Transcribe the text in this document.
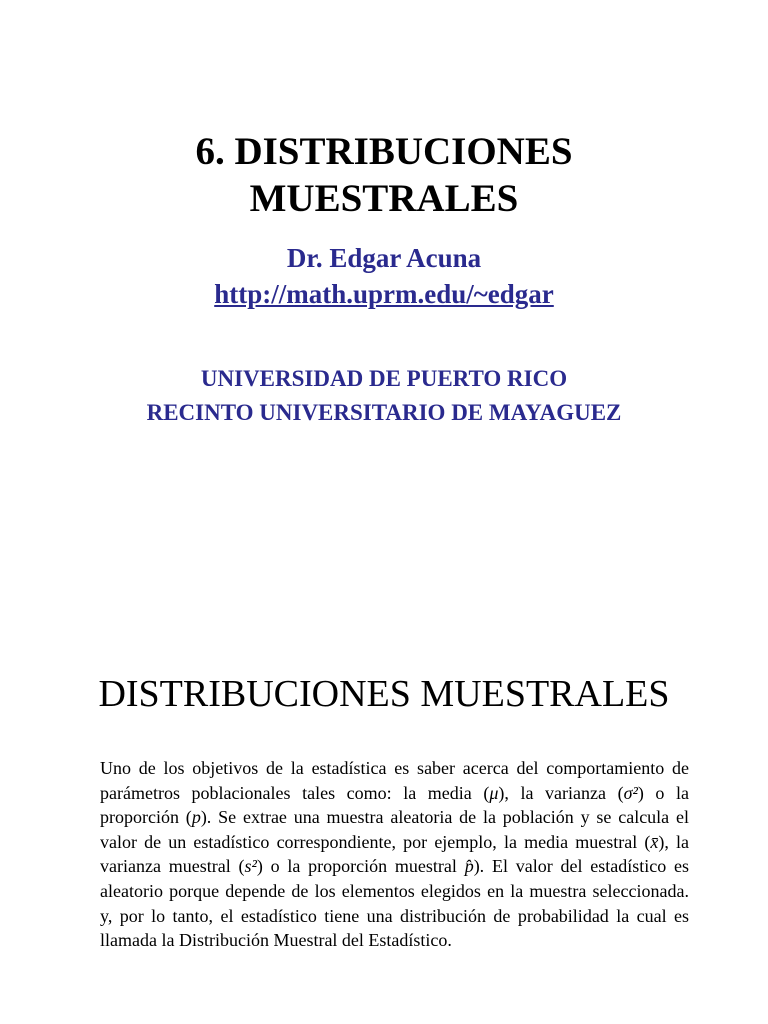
6. DISTRIBUCIONES
MUESTRALES
Dr. Edgar Acuna
http://math.uprm.edu/~edgar
UNIVERSIDAD DE PUERTO RICO
RECINTO UNIVERSITARIO DE MAYAGUEZ
DISTRIBUCIONES MUESTRALES
Uno de los objetivos de la estadística es saber acerca del comportamiento de parámetros poblacionales tales como: la media (μ), la varianza (σ²) o la proporción (p). Se extrae una muestra aleatoria de la población y se calcula el valor de un estadístico correspondiente, por ejemplo, la media muestral (x̄), la varianza muestral (s²) o la proporción muestral p̂). El valor del estadístico es aleatorio porque depende de los elementos elegidos en la muestra seleccionada. y, por lo tanto, el estadístico tiene una distribución de probabilidad la cual es llamada la Distribución Muestral del Estadístico.
